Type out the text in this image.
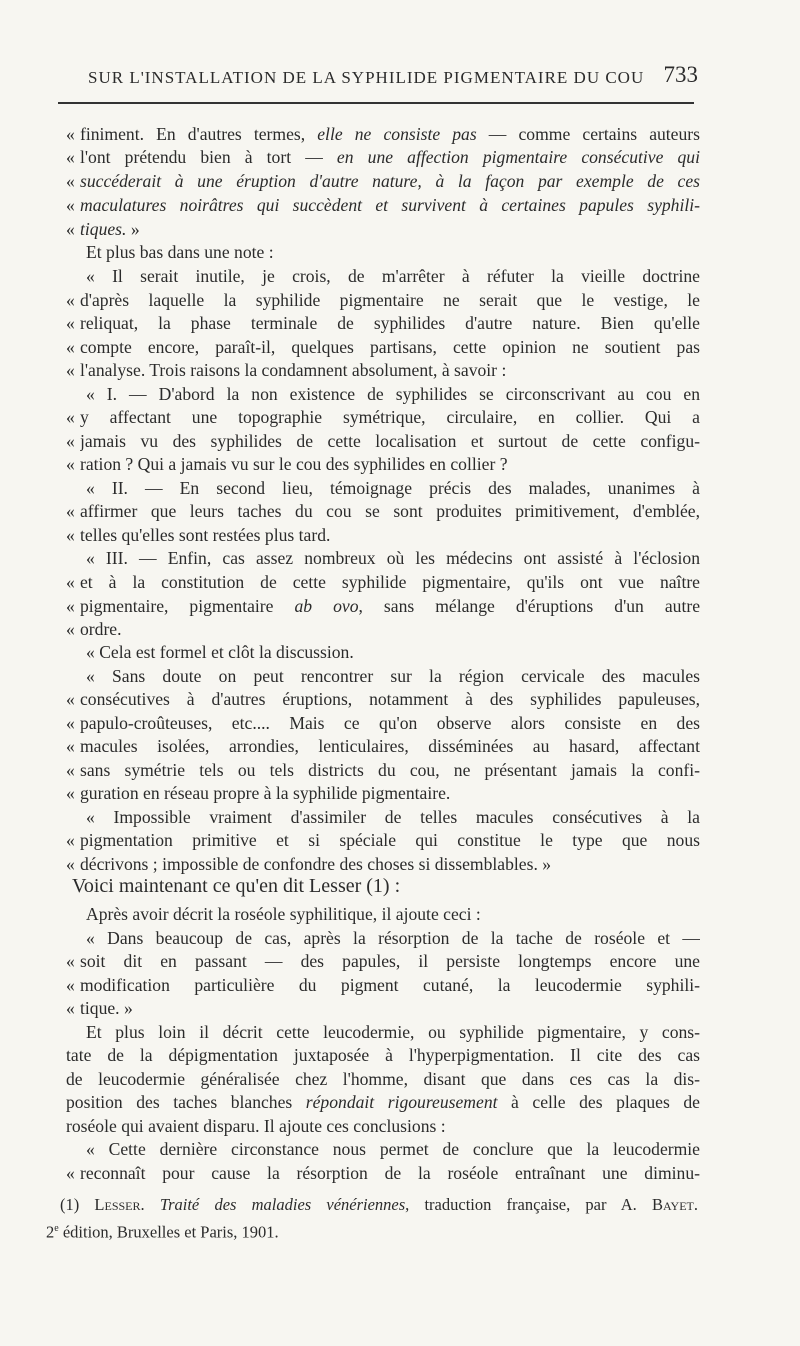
SUR L'INSTALLATION DE LA SYPHILIDE PIGMENTAIRE DU COU 733
« finiment. En d'autres termes, elle ne consiste pas — comme certains auteurs
« l'ont prétendu bien à tort — en une affection pigmentaire consécutive qui
« succéderait à une éruption d'autre nature, à la façon par exemple de ces
« maculatures noirâtres qui succèdent et survivent à certaines papules syphili-
« tiques. »
Et plus bas dans une note :
« Il serait inutile, je crois, de m'arrêter à réfuter la vieille doctrine
« d'après laquelle la syphilide pigmentaire ne serait que le vestige, le
« reliquat, la phase terminale de syphilides d'autre nature. Bien qu'elle
« compte encore, paraît-il, quelques partisans, cette opinion ne soutient pas
« l'analyse. Trois raisons la condamnent absolument, à savoir :
« I. — D'abord la non existence de syphilides se circonscrivant au cou en
« y affectant une topographie symétrique, circulaire, en collier. Qui a
« jamais vu des syphilides de cette localisation et surtout de cette configu-
« ration ? Qui a jamais vu sur le cou des syphilides en collier ?
« II. — En second lieu, témoignage précis des malades, unanimes à
« affirmer que leurs taches du cou se sont produites primitivement, d'emblée,
« telles qu'elles sont restées plus tard.
« III. — Enfin, cas assez nombreux où les médecins ont assisté à l'éclosion
« et à la constitution de cette syphilide pigmentaire, qu'ils ont vue naître
« pigmentaire, pigmentaire ab ovo, sans mélange d'éruptions d'un autre
« ordre.
« Cela est formel et clôt la discussion.
« Sans doute on peut rencontrer sur la région cervicale des macules
« consécutives à d'autres éruptions, notamment à des syphilides papuleuses,
« papulo-croûteuses, etc.... Mais ce qu'on observe alors consiste en des
« macules isolées, arrondies, lenticulaires, disséminées au hasard, affectant
« sans symétrie tels ou tels districts du cou, ne présentant jamais la confi-
« guration en réseau propre à la syphilide pigmentaire.
« Impossible vraiment d'assimiler de telles macules consécutives à la
« pigmentation primitive et si spéciale qui constitue le type que nous
« décrivons ; impossible de confondre des choses si dissemblables. »
Voici maintenant ce qu'en dit Lesser (1) :
Après avoir décrit la roséole syphilitique, il ajoute ceci :
« Dans beaucoup de cas, après la résorption de la tache de roséole et —
« soit dit en passant — des papules, il persiste longtemps encore une
« modification particulière du pigment cutané, la leucodermie syphili-
« tique. »
Et plus loin il décrit cette leucodermie, ou syphilide pigmentaire, y cons-
tate de la dépigmentation juxtaposée à l'hyperpigmentation. Il cite des cas
de leucodermie généralisée chez l'homme, disant que dans ces cas la dis-
position des taches blanches répondait rigoureusement à celle des plaques de
roséole qui avaient disparu. Il ajoute ces conclusions :
« Cette dernière circonstance nous permet de conclure que la leucodermie
« reconnaît pour cause la résorption de la roséole entraînant une diminu-
(1) Lesser. Traité des maladies vénériennes, traduction française, par A. Bayet.
2e édition, Bruxelles et Paris, 1901.
